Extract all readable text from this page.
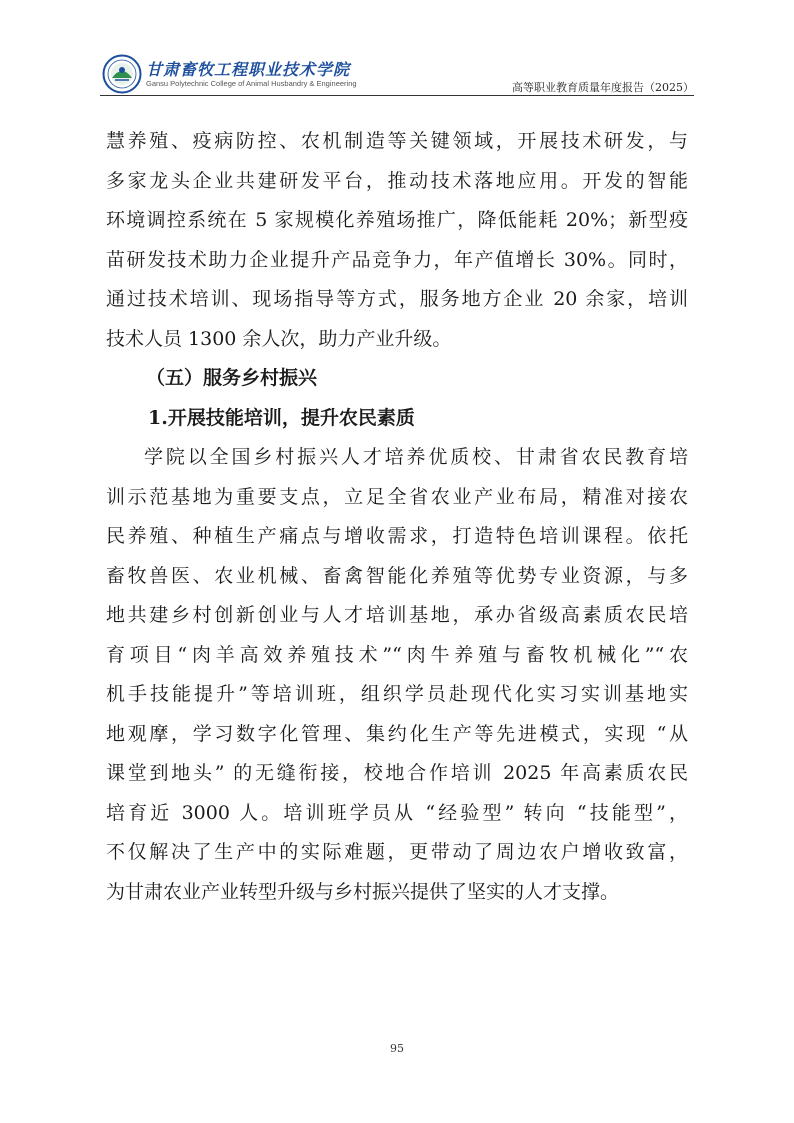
甘肃畜牧工程职业技术学院
Gansu Polytechnic College of Animal Husbandry & Engineering	高等职业教育质量年度报告（2025）
慧养殖、疫病防控、农机制造等关键领域，开展技术研发，与
多家龙头企业共建研发平台，推动技术落地应用。开发的智能
环境调控系统在 5 家规模化养殖场推广，降低能耗 20%；新型疫
苗研发技术助力企业提升产品竞争力，年产值增长 30%。同时，
通过技术培训、现场指导等方式，服务地方企业 20 余家，培训
技术人员 1300 余人次，助力产业升级。
（五）服务乡村振兴
1.开展技能培训，提升农民素质
学院以全国乡村振兴人才培养优质校、甘肃省农民教育培
训示范基地为重要支点，立足全省农业产业布局，精准对接农
民养殖、种植生产痛点与增收需求，打造特色培训课程。依托
畜牧兽医、农业机械、畜禽智能化养殖等优势专业资源，与多
地共建乡村创新创业与人才培训基地，承办省级高素质农民培
育项目“肉羊高效养殖技术”“肉牛养殖与畜牧机械化”“农
机手技能提升”等培训班，组织学员赴现代化实习实训基地实
地观摩，学习数字化管理、集约化生产等先进模式，实现 “从
课堂到地头” 的无缝衔接，校地合作培训 2025 年高素质农民
培育近 3000 人。培训班学员从 “经验型” 转向 “技能型”，
不仅解决了生产中的实际难题，更带动了周边农户增收致富，
为甘肃农业产业转型升级与乡村振兴提供了坚实的人才支撑。
95
